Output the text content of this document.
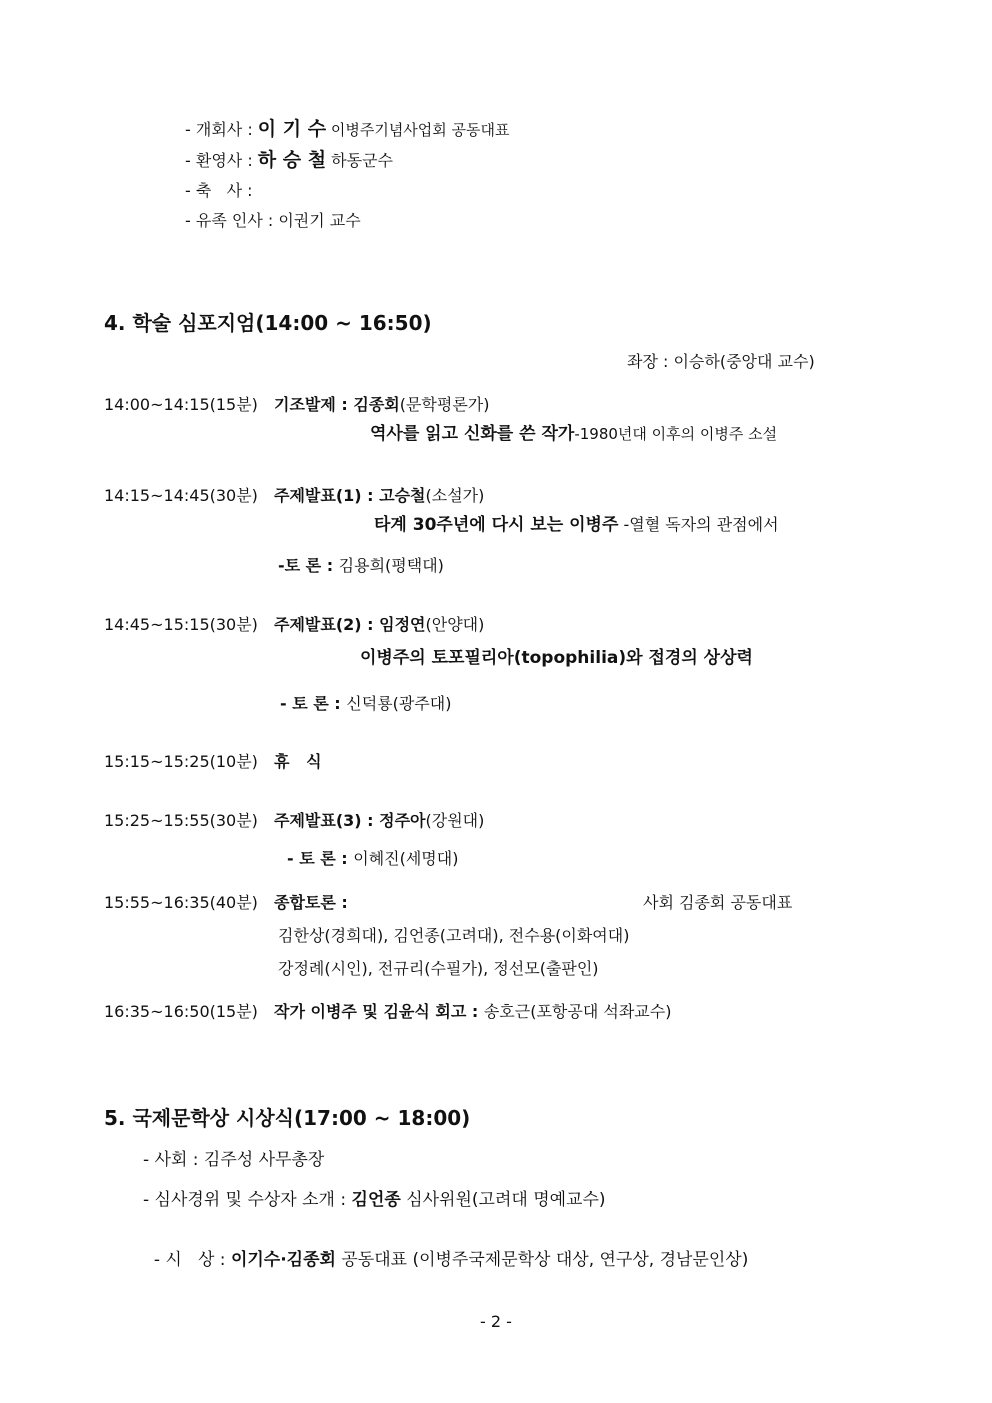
- 개회사 : 이 기 수 이병주기념사업회 공동대표
- 환영사 : 하 승 철 하동군수
- 축   사 :
- 유족 인사 : 이권기 교수
4. 학술 심포지엄(14:00 ~ 16:50)
좌장 : 이승하(중앙대 교수)
14:00~14:15(15분) 기조발제 : 김종회(문학평론가)
역사를 읽고 신화를 쓴 작가-1980년대 이후의 이병주 소설
14:15~14:45(30분) 주제발표(1) : 고승철(소설가)
타계 30주년에 다시 보는 이병주 -열혈 독자의 관점에서
-토 론 : 김용희(평택대)
14:45~15:15(30분) 주제발표(2) : 임정연(안양대)
이병주의 토포필리아(topophilia)와 접경의 상상력
- 토 론 : 신덕룡(광주대)
15:15~15:25(10분) 휴   식
15:25~15:55(30분) 주제발표(3) : 정주아(강원대)
- 토 론 : 이혜진(세명대)
15:55~16:35(40분) 종합토론 :	사회 김종회 공동대표
김한상(경희대), 김언종(고려대), 전수용(이화여대)
강정례(시인), 전규리(수필가), 정선모(출판인)
16:35~16:50(15분) 작가 이병주 및 김윤식 회고 : 송호근(포항공대 석좌교수)
5. 국제문학상 시상식(17:00 ~ 18:00)
- 사회 : 김주성 사무총장
- 심사경위 및 수상자 소개 : 김언종 심사위원(고려대 명예교수)

- 시   상 : 이기수·김종회 공동대표 (이병주국제문학상 대상, 연구상, 경남문인상)

- 2 -
